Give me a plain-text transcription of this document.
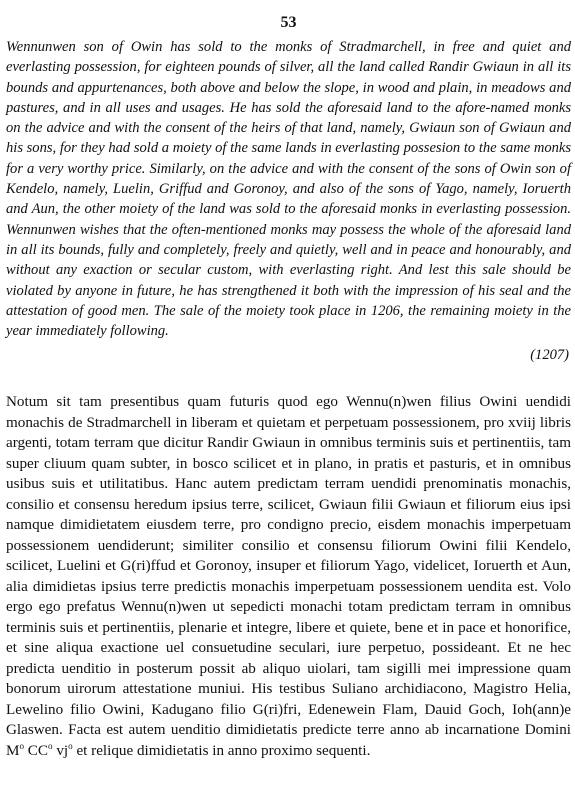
53
Wennunwen son of Owin has sold to the monks of Stradmarchell, in free and quiet and everlasting possession, for eighteen pounds of silver, all the land called Randir Gwiaun in all its bounds and appurtenances, both above and below the slope, in wood and plain, in meadows and pastures, and in all uses and usages. He has sold the aforesaid land to the afore-named monks on the advice and with the consent of the heirs of that land, namely, Gwiaun son of Gwiaun and his sons, for they had sold a moiety of the same lands in everlasting possesion to the same monks for a very worthy price. Similarly, on the advice and with the consent of the sons of Owin son of Kendelo, namely, Luelin, Griffud and Goronoy, and also of the sons of Yago, namely, Ioruerth and Aun, the other moiety of the land was sold to the aforesaid monks in everlasting possession. Wennunwen wishes that the often-mentioned monks may possess the whole of the aforesaid land in all its bounds, fully and completely, freely and quietly, well and in peace and honourably, and without any exaction or secular custom, with everlasting right. And lest this sale should be violated by anyone in future, he has strengthened it both with the impression of his seal and the attestation of good men. The sale of the moiety took place in 1206, the remaining moiety in the year immediately following.
(1207)
Notum sit tam presentibus quam futuris quod ego Wennu(n)wen filius Owini uendidi monachis de Stradmarchell in liberam et quietam et perpetuam possessionem, pro xviij libris argenti, totam terram que dicitur Randir Gwiaun in omnibus terminis suis et pertinentiis, tam super cliuum quam subter, in bosco scilicet et in plano, in pratis et pasturis, et in omnibus usibus suis et utilitatibus. Hanc autem predictam terram uendidi prenominatis monachis, consilio et consensu heredum ipsius terre, scilicet, Gwiaun filii Gwiaun et filiorum eius ipsi namque dimidietatem eiusdem terre, pro condigno precio, eisdem monachis imperpetuam possessionem uendiderunt; similiter consilio et consensu filiorum Owini filii Kendelo, scilicet, Luelini et G(ri)ffud et Goronoy, insuper et filiorum Yago, videlicet, Ioruerth et Aun, alia dimidietas ipsius terre predictis monachis imperpetuam possessionem uendita est. Volo ergo ego prefatus Wennu(n)wen ut sepedicti monachi totam predictam terram in omnibus terminis suis et pertinentiis, plenarie et integre, libere et quiete, bene et in pace et honorifice, et sine aliqua exactione uel consuetudine seculari, iure perpetuo, possideant. Et ne hec predicta uenditio in posterum possit ab aliquo uiolari, tam sigilli mei impressione quam bonorum uirorum attestatione muniui. His testibus Suliano archidiacono, Magistro Helia, Lewelino filio Owini, Kadugano filio G(ri)fri, Edenewein Flam, Dauid Goch, Ioh(ann)e Glaswen. Facta est autem uenditio dimidietatis predicte terre anno ab incarnatione Domini $M^o$ $CC^o$ $vj^o$ et relique dimidietatis in anno proximo sequenti.
